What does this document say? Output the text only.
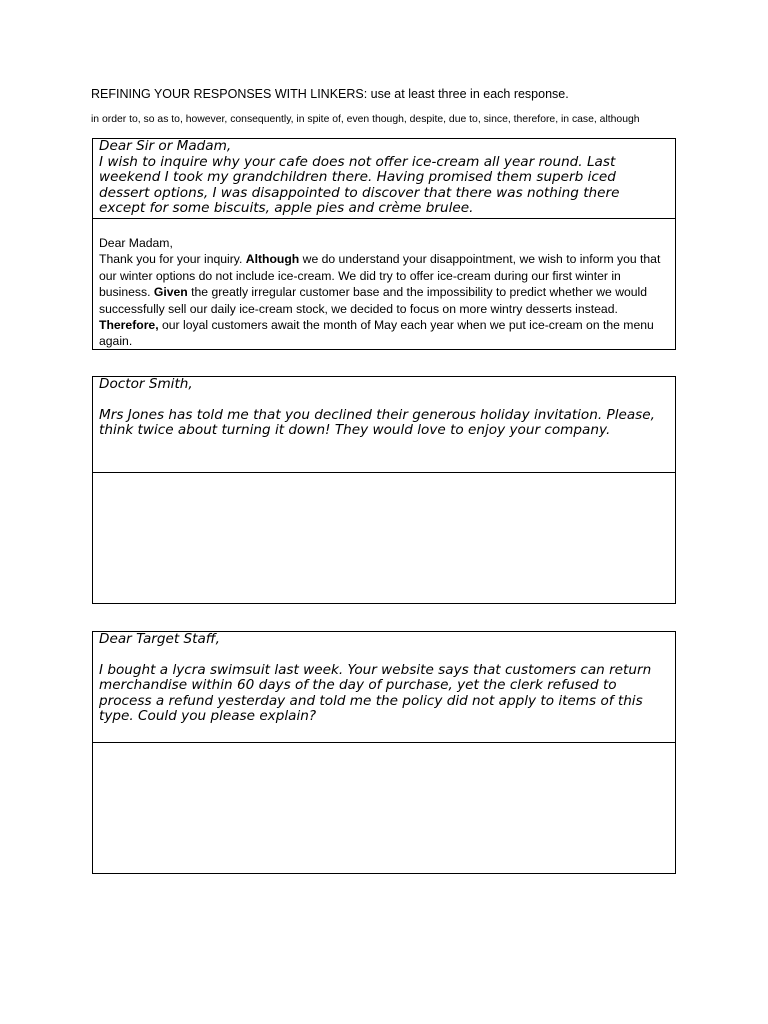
REFINING YOUR RESPONSES WITH LINKERS: use at least three in each response.
in order to, so as to, however, consequently, in spite of, even though, despite, due to, since, therefore, in case, although

Dear Sir or Madam,

I wish to inquire why your cafe does not offer ice-cream all year round. Last weekend I took my grandchildren there. Having promised them superb iced dessert options, I was disappointed to discover that there was nothing there except for some biscuits, apple pies and crème brulee.

Dear Madam,

Thank you for your inquiry. Although we do understand your disappointment, we wish to inform you that our winter options do not include ice-cream. We did try to offer ice-cream during our first winter in business. Given the greatly irregular customer base and the impossibility to predict whether we would successfully sell our daily ice-cream stock, we decided to focus on more wintry desserts instead. Therefore, our loyal customers await the month of May each year when we put ice-cream on the menu again.

Doctor Smith,

Mrs Jones has told me that you declined their generous holiday invitation. Please, think twice about turning it down! They would love to enjoy your company.

Dear Target Staff,

I bought a lycra swimsuit last week. Your website says that customers can return merchandise within 60 days of the day of purchase, yet the clerk refused to process a refund yesterday and told me the policy did not apply to items of this type. Could you please explain?
